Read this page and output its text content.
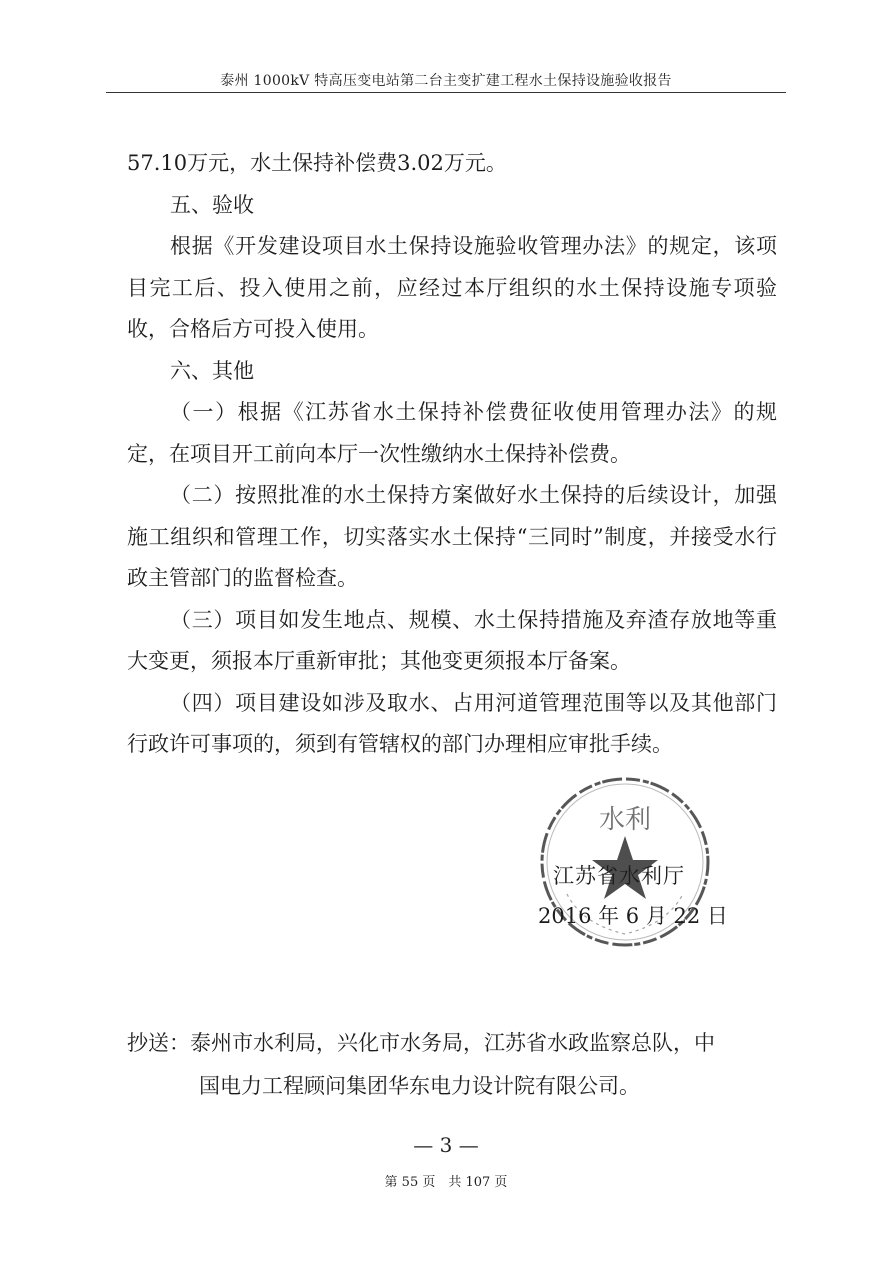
泰州 1000kV 特高压变电站第二台主变扩建工程水土保持设施验收报告

57.10万元，水土保持补偿费3.02万元。

五、验收

根据《开发建设项目水土保持设施验收管理办法》的规定，该项目完工后、投入使用之前，应经过本厅组织的水土保持设施专项验收，合格后方可投入使用。

六、其他

（一）根据《江苏省水土保持补偿费征收使用管理办法》的规定，在项目开工前向本厅一次性缴纳水土保持补偿费。

（二）按照批准的水土保持方案做好水土保持的后续设计，加强施工组织和管理工作，切实落实水土保持“三同时”制度，并接受水行政主管部门的监督检查。

（三）项目如发生地点、规模、水土保持措施及弃渣存放地等重大变更，须报本厅重新审批；其他变更须报本厅备案。

（四）项目建设如涉及取水、占用河道管理范围等以及其他部门行政许可事项的，须到有管辖权的部门办理相应审批手续。

水利
江苏省水利厅
2016 年 6 月 22 日
抄送：泰州市水利局，兴化市水务局，江苏省水政监察总队，中
国电力工程顾问集团华东电力设计院有限公司。
— 3 —
第 55 页　共 107 页
